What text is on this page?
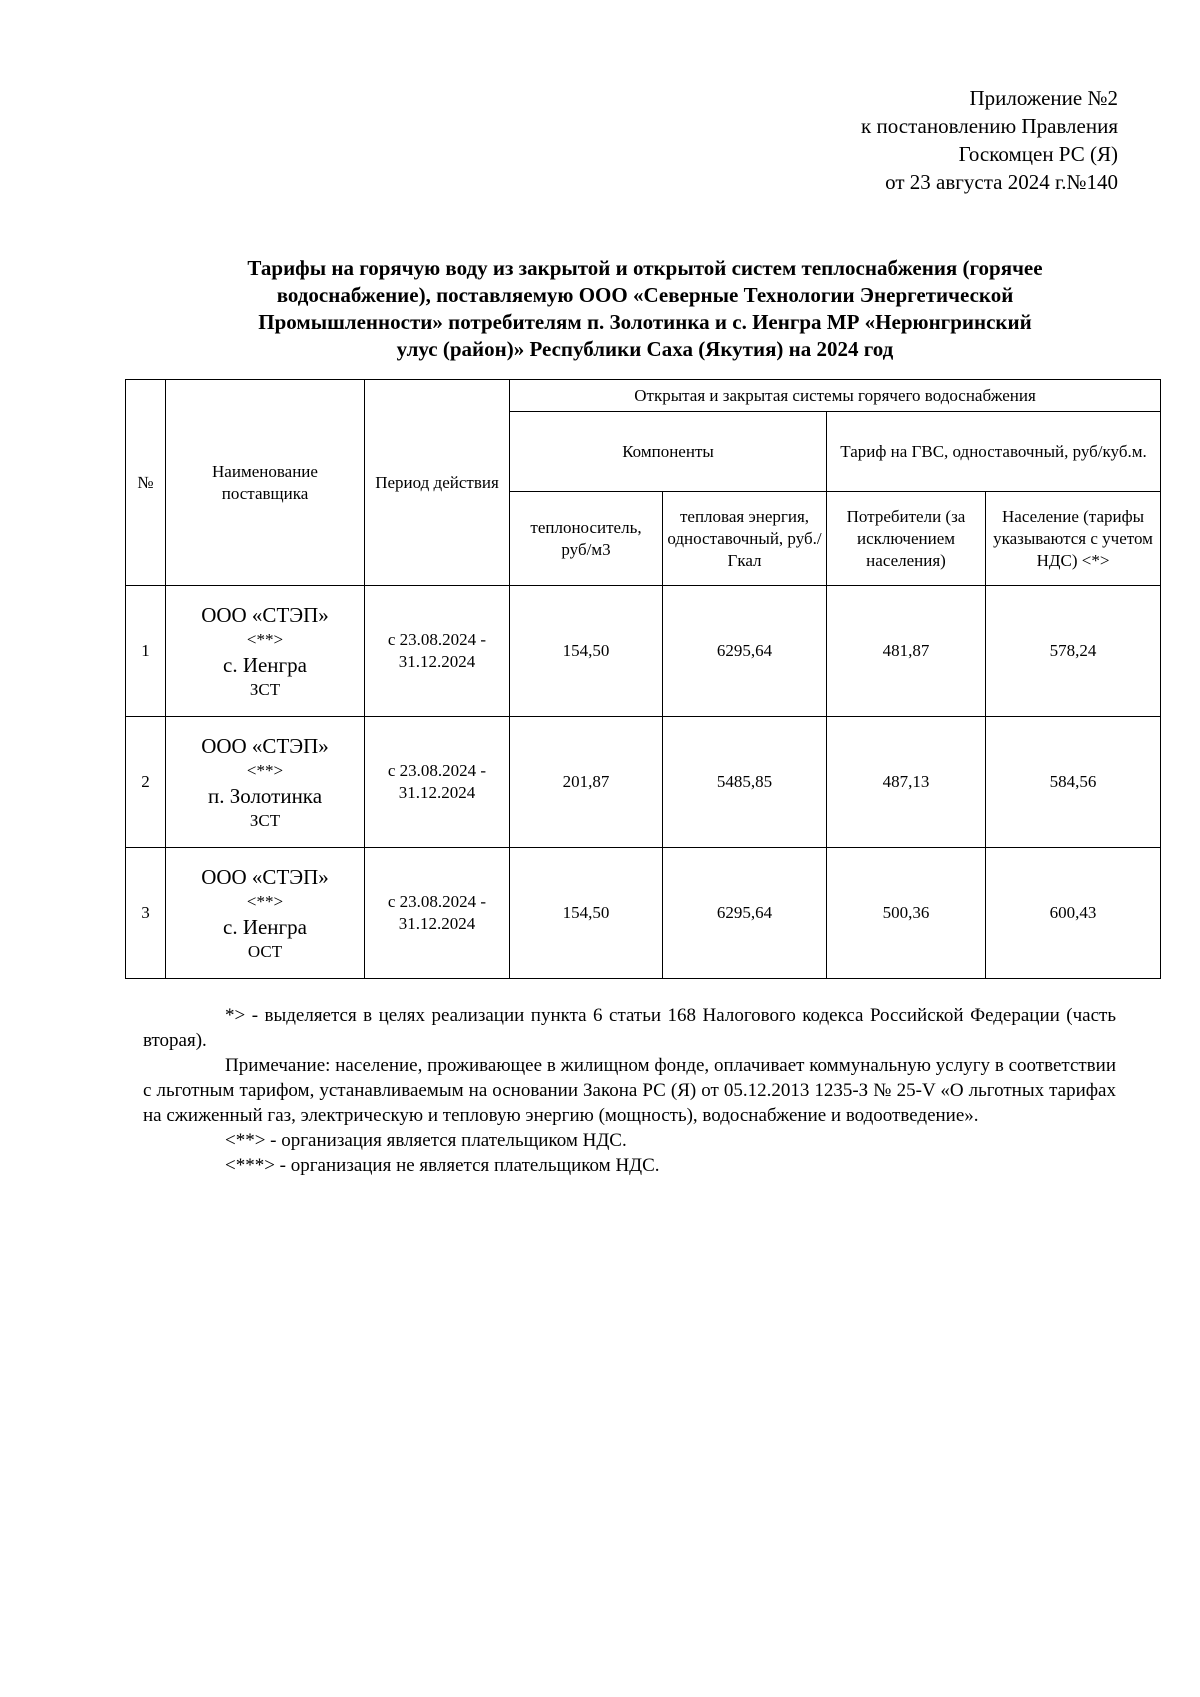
Приложение №2
к постановлению Правления
Госкомцен РС (Я)
от 23 августа 2024 г.№140
Тарифы на горячую воду из закрытой и открытой систем теплоснабжения (горячее
водоснабжение), поставляемую ООО «Северные Технологии Энергетической
Промышленности» потребителям п. Золотинка и с. Иенгра МР «Нерюнгринский
улус (район)» Республики Саха (Якутия) на 2024 год
№	Наименование поставщика	Период действия	Открытая и закрытая системы горячего водоснабжения			
			Компоненты		Тариф на ГВС, одноставочный, руб/куб.м.	
			теплоноситель, руб/м3	тепловая энергия, одноставочный, руб./Гкал	Потребители (за исключением населения)	Население (тарифы указываются с учетом НДС) <*>
1	ООО «СТЭП»
<**>
с. Иенгра
ЗСТ	с 23.08.2024 - 31.12.2024	154,50	6295,64	481,87	578,24
2	ООО «СТЭП»
<**>
п. Золотинка
ЗСТ	с 23.08.2024 - 31.12.2024	201,87	5485,85	487,13	584,56
3	ООО «СТЭП»
<**>
с. Иенгра
ОСТ	с 23.08.2024 - 31.12.2024	154,50	6295,64	500,36	600,43

*> - выделяется в целях реализации пункта 6 статьи 168 Налогового кодекса Российской Федерации (часть вторая).

Примечание: население, проживающее в жилищном фонде, оплачивает коммунальную услугу в соответствии с льготным тарифом, устанавливаемым на основании Закона РС (Я) от 05.12.2013 1235-З № 25-V «О льготных тарифах на сжиженный газ, электрическую и тепловую энергию (мощность), водоснабжение и водоотведение».

<**> - организация является плательщиком НДС.

<***> - организация не является плательщиком НДС.
